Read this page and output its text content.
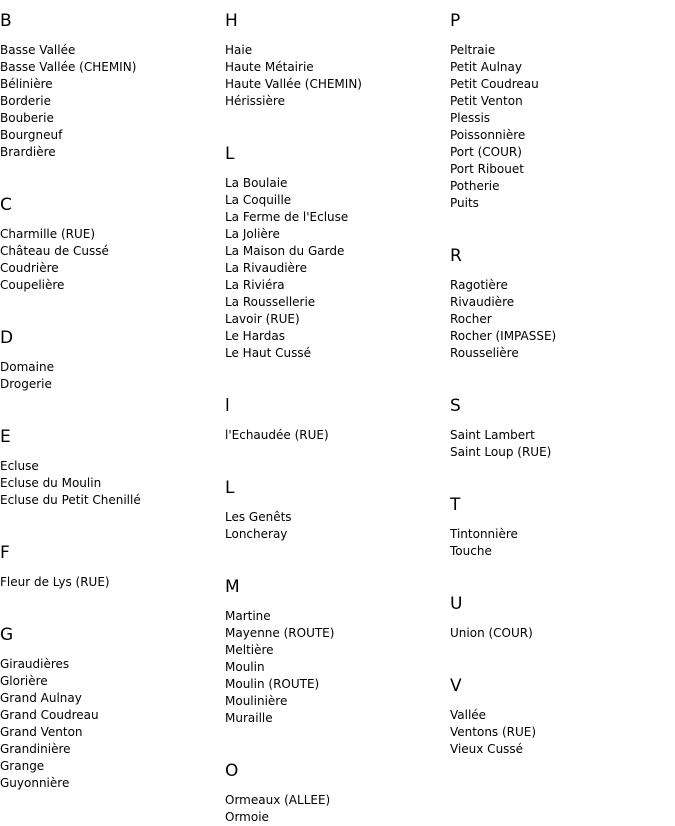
B
Basse Vallée
Basse Vallée (CHEMIN)
Bélinière
Borderie
Bouberie
Bourgneuf
Brardière
C
Charmille (RUE)
Château de Cussé
Coudrière
Coupelière
D
Domaine
Drogerie
E
Ecluse
Ecluse du Moulin
Ecluse du Petit Chenillé
F
Fleur de Lys (RUE)
G
Giraudières
Glorière
Grand Aulnay
Grand Coudreau
Grand Venton
Grandinière
Grange
Guyonnière
H
Haie
Haute Métairie
Haute Vallée (CHEMIN)
Hérissière
L
La Boulaie
La Coquille
La Ferme de l'Ecluse
La Jolière
La Maison du Garde
La Rivaudière
La Riviéra
La Roussellerie
Lavoir (RUE)
Le Hardas
Le Haut Cussé
l
l'Echaudée (RUE)
L
Les Genêts
Loncheray
M
Martine
Mayenne (ROUTE)
Meltière
Moulin
Moulin (ROUTE)
Moulinière
Muraille
O
Ormeaux (ALLEE)
Ormoie
P
Peltraie
Petit Aulnay
Petit Coudreau
Petit Venton
Plessis
Poissonnière
Port (COUR)
Port Ribouet
Potherie
Puits
R
Ragotière
Rivaudière
Rocher
Rocher (IMPASSE)
Rousselière
S
Saint Lambert
Saint Loup (RUE)
T
Tintonnière
Touche
U
Union (COUR)
V
Vallée
Ventons (RUE)
Vieux Cussé
